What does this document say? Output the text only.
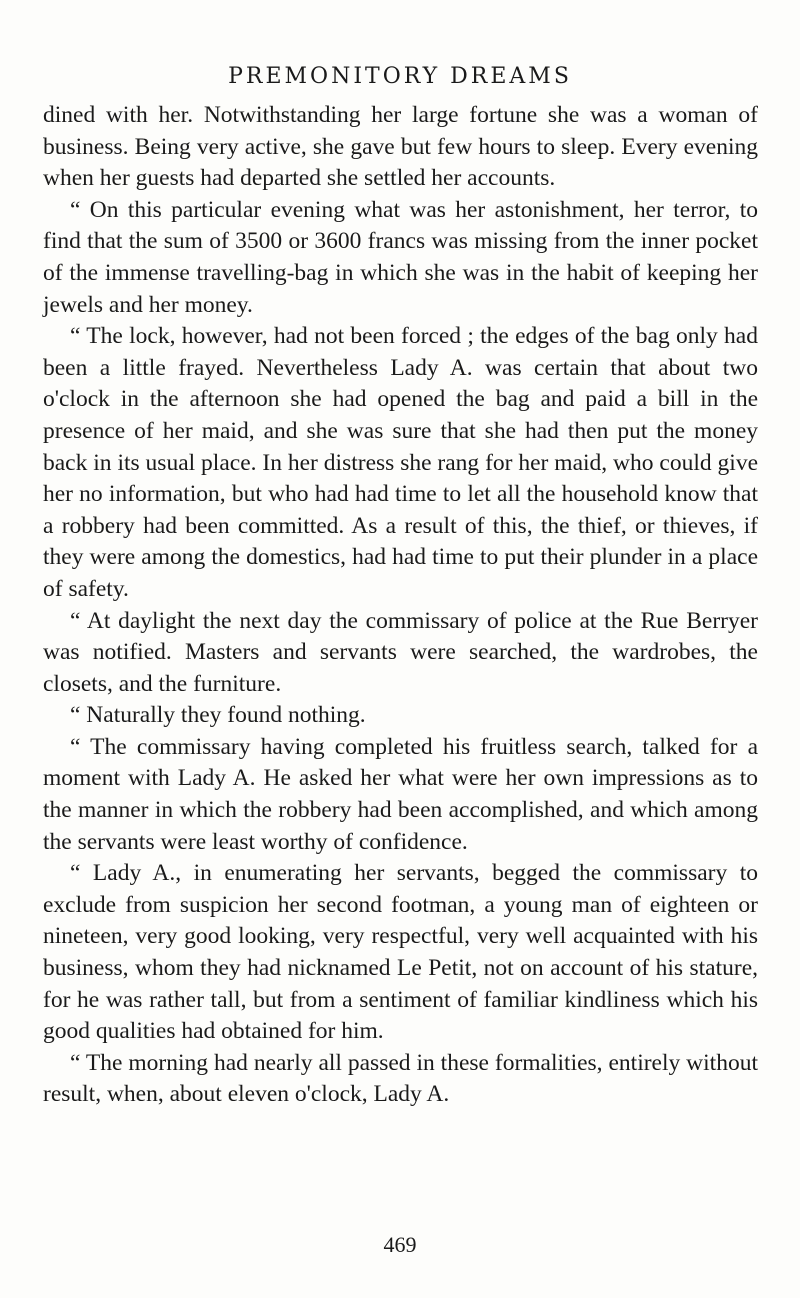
PREMONITORY DREAMS

dined with her. Notwithstanding her large fortune she was a woman of business. Being very active, she gave but few hours to sleep. Every evening when her guests had departed she settled her accounts.

“ On this particular evening what was her astonishment, her terror, to find that the sum of 3500 or 3600 francs was missing from the inner pocket of the immense travelling-bag in which she was in the habit of keeping her jewels and her money.

“ The lock, however, had not been forced ; the edges of the bag only had been a little frayed. Nevertheless Lady A. was certain that about two o'clock in the afternoon she had opened the bag and paid a bill in the presence of her maid, and she was sure that she had then put the money back in its usual place. In her distress she rang for her maid, who could give her no information, but who had had time to let all the household know that a robbery had been committed. As a result of this, the thief, or thieves, if they were among the domestics, had had time to put their plunder in a place of safety.

“ At daylight the next day the commissary of police at the Rue Berryer was notified. Masters and servants were searched, the wardrobes, the closets, and the furniture.

“ Naturally they found nothing.

“ The commissary having completed his fruitless search, talked for a moment with Lady A. He asked her what were her own impressions as to the manner in which the robbery had been accomplished, and which among the servants were least worthy of confidence.

“ Lady A., in enumerating her servants, begged the commissary to exclude from suspicion her second footman, a young man of eighteen or nineteen, very good looking, very respectful, very well acquainted with his business, whom they had nicknamed Le Petit, not on account of his stature, for he was rather tall, but from a sentiment of familiar kindliness which his good qualities had obtained for him.

“ The morning had nearly all passed in these formalities, entirely without result, when, about eleven o'clock, Lady A.

469
